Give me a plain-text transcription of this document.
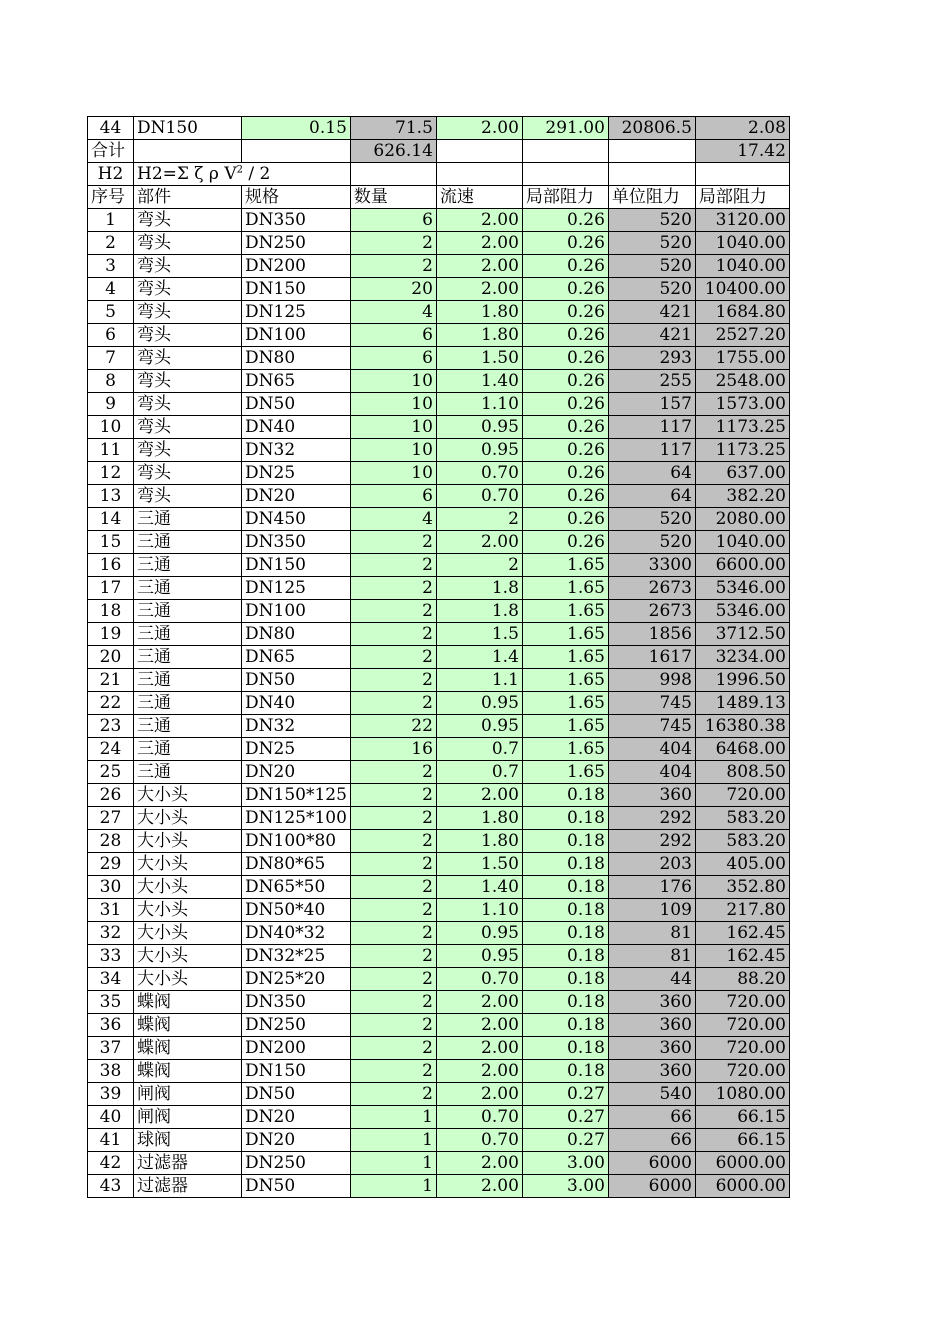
44	DN150	0.15	71.5	2.00	291.00	20806.5	2.08
合计			626.14				17.42
H2	H2=Σ ζ ρ $V^2 / 2$						
序号	部件	规格	数量	流速	局部阻力	单位阻力	局部阻力
1	弯头	DN350	6	2.00	0.26	520	3120.00
2	弯头	DN250	2	2.00	0.26	520	1040.00
3	弯头	DN200	2	2.00	0.26	520	1040.00
4	弯头	DN150	20	2.00	0.26	520	10400.00
5	弯头	DN125	4	1.80	0.26	421	1684.80
6	弯头	DN100	6	1.80	0.26	421	2527.20
7	弯头	DN80	6	1.50	0.26	293	1755.00
8	弯头	DN65	10	1.40	0.26	255	2548.00
9	弯头	DN50	10	1.10	0.26	157	1573.00
10	弯头	DN40	10	0.95	0.26	117	1173.25
11	弯头	DN32	10	0.95	0.26	117	1173.25
12	弯头	DN25	10	0.70	0.26	64	637.00
13	弯头	DN20	6	0.70	0.26	64	382.20
14	三通	DN450	4	2	0.26	520	2080.00
15	三通	DN350	2	2.00	0.26	520	1040.00
16	三通	DN150	2	2	1.65	3300	6600.00
17	三通	DN125	2	1.8	1.65	2673	5346.00
18	三通	DN100	2	1.8	1.65	2673	5346.00
19	三通	DN80	2	1.5	1.65	1856	3712.50
20	三通	DN65	2	1.4	1.65	1617	3234.00
21	三通	DN50	2	1.1	1.65	998	1996.50
22	三通	DN40	2	0.95	1.65	745	1489.13
23	三通	DN32	22	0.95	1.65	745	16380.38
24	三通	DN25	16	0.7	1.65	404	6468.00
25	三通	DN20	2	0.7	1.65	404	808.50
26	大小头	DN150*125	2	2.00	0.18	360	720.00
27	大小头	DN125*100	2	1.80	0.18	292	583.20
28	大小头	DN100*80	2	1.80	0.18	292	583.20
29	大小头	DN80*65	2	1.50	0.18	203	405.00
30	大小头	DN65*50	2	1.40	0.18	176	352.80
31	大小头	DN50*40	2	1.10	0.18	109	217.80
32	大小头	DN40*32	2	0.95	0.18	81	162.45
33	大小头	DN32*25	2	0.95	0.18	81	162.45
34	大小头	DN25*20	2	0.70	0.18	44	88.20
35	蝶阀	DN350	2	2.00	0.18	360	720.00
36	蝶阀	DN250	2	2.00	0.18	360	720.00
37	蝶阀	DN200	2	2.00	0.18	360	720.00
38	蝶阀	DN150	2	2.00	0.18	360	720.00
39	闸阀	DN50	2	2.00	0.27	540	1080.00
40	闸阀	DN20	1	0.70	0.27	66	66.15
41	球阀	DN20	1	0.70	0.27	66	66.15
42	过滤器	DN250	1	2.00	3.00	6000	6000.00
43	过滤器	DN50	1	2.00	3.00	6000	6000.00
